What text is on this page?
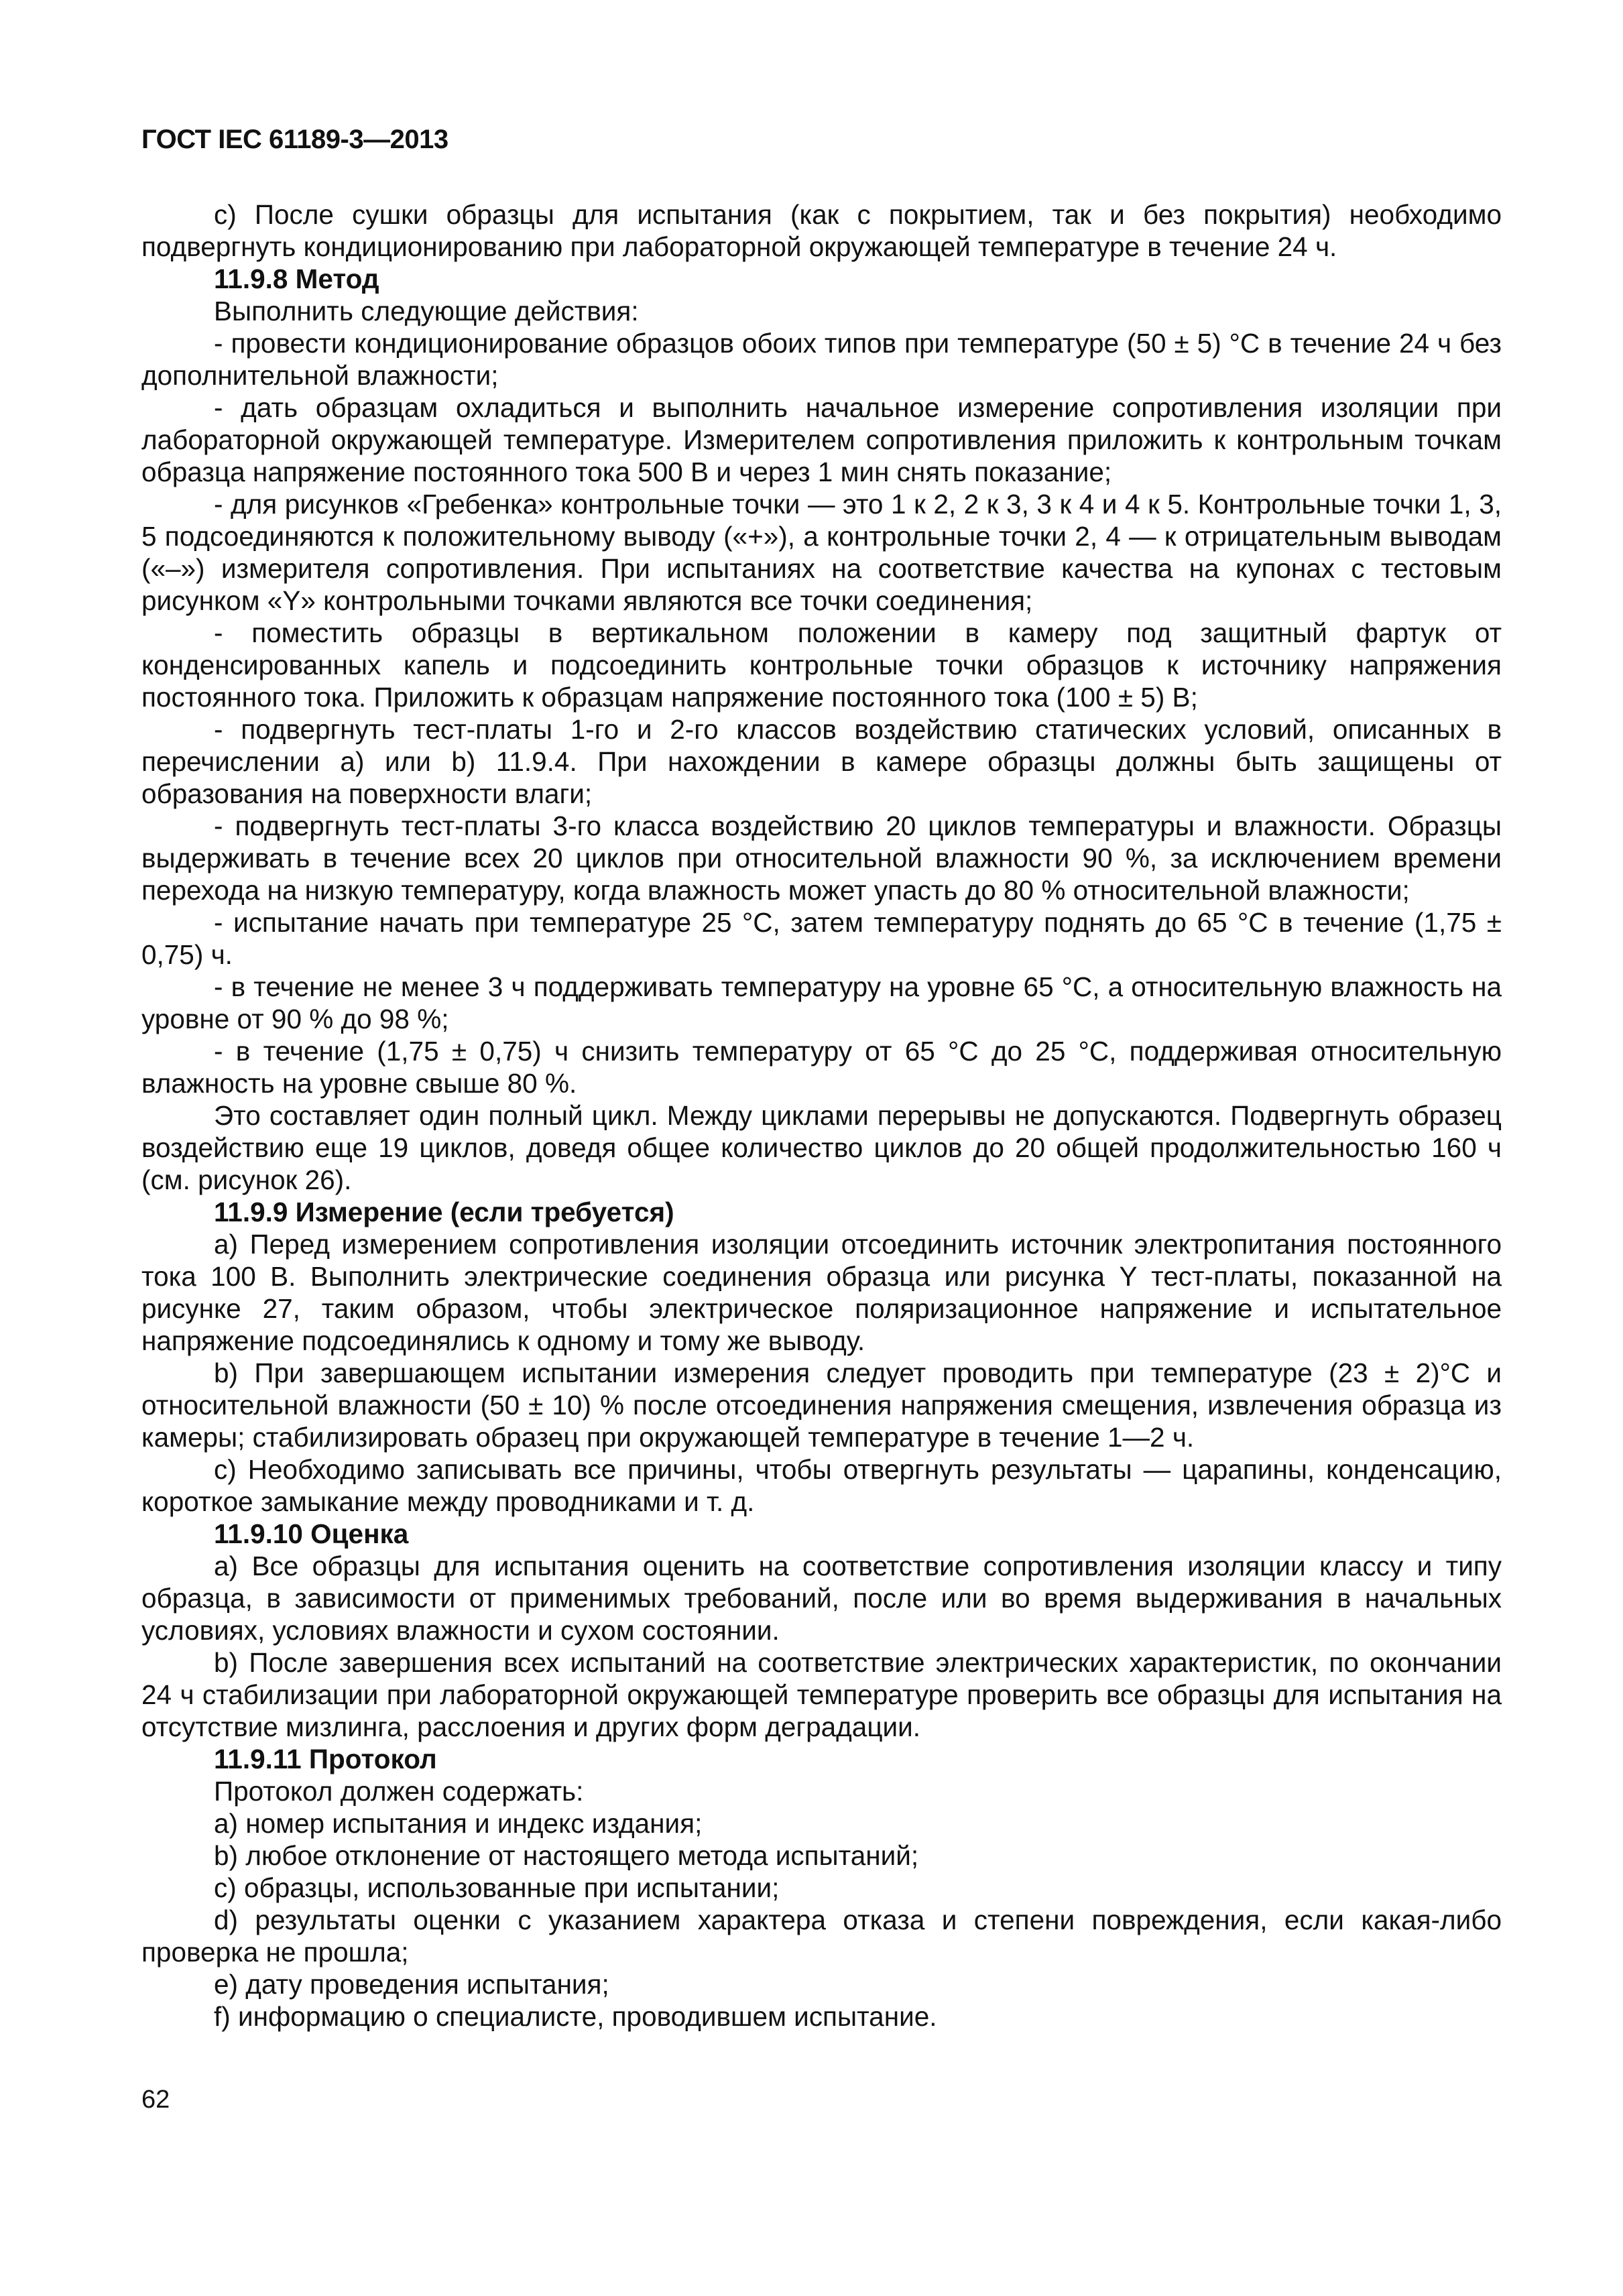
ГОСТ IEC 61189-3—2013

c) После сушки образцы для испытания (как с покрытием, так и без покрытия) необходимо подвергнуть кондиционированию при лабораторной окружающей температуре в течение 24 ч.

11.9.8 Метод

Выполнить следующие действия:

- провести кондиционирование образцов обоих типов при температуре (50 ± 5) °С в течение 24 ч без дополнительной влажности;

- дать образцам охладиться и выполнить начальное измерение сопротивления изоляции при лабораторной окружающей температуре. Измерителем сопротивления приложить к контрольным точкам образца напряжение постоянного тока 500 В и через 1 мин снять показание;

- для рисунков «Гребенка» контрольные точки — это 1 к 2, 2 к 3, 3 к 4 и 4 к 5. Контрольные точки 1, 3, 5 подсоединяются к положительному выводу («+»), а контрольные точки 2, 4 — к отрицательным выводам («–») измерителя сопротивления. При испытаниях на соответствие качества на купонах с тестовым рисунком «Y» контрольными точками являются все точки соединения;

- поместить образцы в вертикальном положении в камеру под защитный фартук от конденсированных капель и подсоединить контрольные точки образцов к источнику напряжения постоянного тока. Приложить к образцам напряжение постоянного тока (100 ± 5) В;

- подвергнуть тест-платы 1-го и 2-го классов воздействию статических условий, описанных в перечислении а) или b) 11.9.4. При нахождении в камере образцы должны быть защищены от образования на поверхности влаги;

- подвергнуть тест-платы 3-го класса воздействию 20 циклов температуры и влажности. Образцы выдерживать в течение всех 20 циклов при относительной влажности 90 %, за исключением времени перехода на низкую температуру, когда влажность может упасть до 80 % относительной влажности;

- испытание начать при температуре 25 °С, затем температуру поднять до 65 °С в течение (1,75 ± 0,75) ч.

- в течение не менее 3 ч поддерживать температуру на уровне 65 °С, а относительную влажность на уровне от 90 % до 98 %;

- в течение (1,75 ± 0,75) ч снизить температуру от 65 °С до 25 °С, поддерживая относительную влажность на уровне свыше 80 %.

Это составляет один полный цикл. Между циклами перерывы не допускаются. Подвергнуть образец воздействию еще 19 циклов, доведя общее количество циклов до 20 общей продолжительностью 160 ч (см. рисунок 26).

11.9.9 Измерение (если требуется)

а) Перед измерением сопротивления изоляции отсоединить источник электропитания постоянного тока 100 В. Выполнить электрические соединения образца или рисунка Y тест-платы, показанной на рисунке 27, таким образом, чтобы электрическое поляризационное напряжение и испытательное напряжение подсоединялись к одному и тому же выводу.

b) При завершающем испытании измерения следует проводить при температуре (23 ± 2)°С и относительной влажности (50 ± 10) % после отсоединения напряжения смещения, извлечения образца из камеры; стабилизировать образец при окружающей температуре в течение 1—2 ч.

c) Необходимо записывать все причины, чтобы отвергнуть результаты — царапины, конденсацию, короткое замыкание между проводниками и т. д.

11.9.10 Оценка

а) Все образцы для испытания оценить на соответствие сопротивления изоляции классу и типу образца, в зависимости от применимых требований, после или во время выдерживания в начальных условиях, условиях влажности и сухом состоянии.

b) После завершения всех испытаний на соответствие электрических характеристик, по окончании 24 ч стабилизации при лабораторной окружающей температуре проверить все образцы для испытания на отсутствие мизлинга, расслоения и других форм деградации.

11.9.11 Протокол

Протокол должен содержать:

а) номер испытания и индекс издания;

b) любое отклонение от настоящего метода испытаний;

c) образцы, использованные при испытании;

d) результаты оценки с указанием характера отказа и степени повреждения, если какая-либо проверка не прошла;

e) дату проведения испытания;

f) информацию о специалисте, проводившем испытание.

62
